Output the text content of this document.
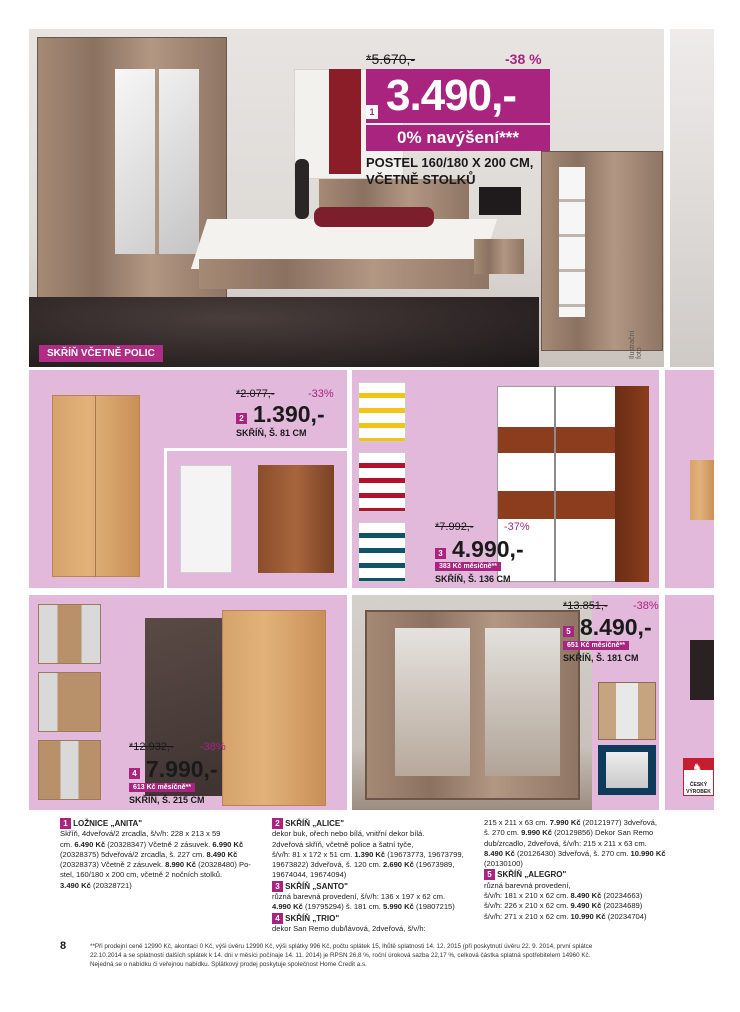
SKŘÍŇ VČETNĚ POLIC	Ilustrační foto
*5.670,-	-38 %
1 3.490,-
0% navýšení***
POSTEL 160/180 X 200 CM,
VČETNĚ STOLKŮ
*2.077,-	-33%
2 1.390,-
SKŘÍŇ, Š. 81 CM
*7.992,-	-37%
3 4.990,-
383 Kč měsíčně**
SKŘÍŇ, Š. 136 CM
*12.932,- -38%
4 7.990,-
613 Kč měsíčně**
SKŘÍŇ, Š. 215 CM
*13.851,- -38%
5 8.490,-
651 Kč měsíčně**
SKŘÍŇ, Š. 181 CM
♞
ČESKÝ VÝROBEK
1 LOŽNICE „ANITA"
Skříň, 4dveřová/2 zrcadla, š/v/h: 228 x 213 x 59
cm. 6.490 Kč (20328347) Včetně 2 zásuvek. 6.990 Kč
(20328375) 5dveřová/2 zrcadla, š. 227 cm. 8.490 Kč
(20328373) Včetně 2 zásuvek. 8.990 Kč (20328480) Po-
stel, 160/180 x 200 cm, včetně 2 nočních stolků.
3.490 Kč (20328721)
2 SKŘÍŇ „ALICE"
dekor buk, ořech nebo bílá, vnitřní dekor bílá.
2dveřová skříň, včetně police a šatní tyče,
š/v/h: 81 x 172 x 51 cm. 1.390 Kč (19673773, 19673799,
19673822) 3dveřová, š. 120 cm. 2.690 Kč (19673989,
19674044, 19674094)
3 SKŘÍŇ „SANTO"
různá barevná provedení, š/v/h: 136 x 197 x 62 cm.
4.990 Kč (19795294) š. 181 cm. 5.990 Kč (19807215)
4 SKŘÍŇ „TRIO"
dekor San Remo dub/lávová, 2dveřová, š/v/h:
215 x 211 x 63 cm. 7.990 Kč (20121977) 3dveřová,
š. 270 cm. 9.990 Kč (20129856) Dekor San Remo
dub/zrcadlo, 2dveřová, š/v/h: 215 x 211 x 63 cm.
8.490 Kč (20126430) 3dveřová, š. 270 cm. 10.990 Kč
(20130100)
5 SKŘÍŇ „ALEGRO"
různá barevná provedení,
š/v/h: 181 x 210 x 62 cm. 8.490 Kč (20234663)
š/v/h: 226 x 210 x 62 cm. 9.490 Kč (20234689)
š/v/h: 271 x 210 x 62 cm. 10.990 Kč (20234704)
8	**Při prodejní ceně 12990 Kč, akontaci 0 Kč, výši úvěru 12990 Kč, výši splátky 996 Kč, počtu splátek 15, lhůtě splatnosti 14. 12. 2015 (při poskytnutí úvěru 22. 9. 2014, první splátce
22.10.2014 a se splatností dalších splátek k 14. dni v měsíci počínaje 14. 11. 2014) je RPSN 26,8 %, roční úroková sazba 22,17 %, celková částka splatná spotřebitelem 14960 Kč.
Nejedná se o nabídku či veřejnou nabídku. Splátkový prodej poskytuje společnost Home Credit a.s.
